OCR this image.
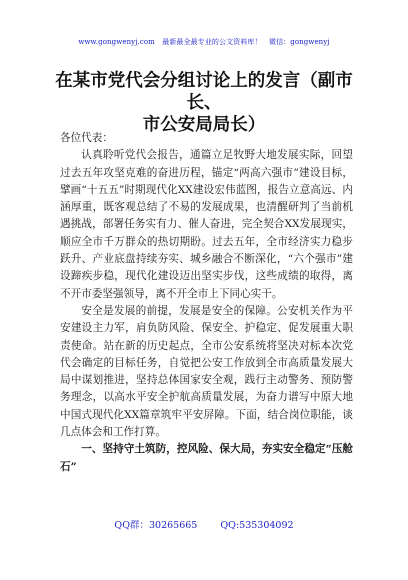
www.gongwenyj.com 最新最全最专业的公文资料库！ 微信：gongwenyj
在某市党代会分组讨论上的发言（副市长、
市公安局局长）

各位代表：

认真聆听党代会报告，通篇立足牧野大地发展实际，回望过去五年攻坚克难的奋进历程，锚定“两高六强市”建设目标，擘画“十五五”时期现代化XX建设宏伟蓝图，报告立意高远、内涵厚重，既客观总结了不易的发展成果，也清醒研判了当前机遇挑战，部署任务实有力、催人奋进，完全契合XX发展现实，顺应全市千万群众的热切期盼。过去五年，全市经济实力稳步跃升、产业底盘持续夯实、城乡融合不断深化，“六个强市”建设蹄疾步稳，现代化建设迈出坚实步伐，这些成绩的取得，离不开市委坚强领导，离不开全市上下同心实干。

安全是发展的前提，发展是安全的保障。公安机关作为平安建设主力军，肩负防风险、保安全、护稳定、促发展重大职责使命。站在新的历史起点，全市公安系统将坚决对标本次党代会确定的目标任务，自觉把公安工作放到全市高质量发展大局中谋划推进，坚持总体国家安全观，践行主动警务、预防警务理念，以高水平安全护航高质量发展，为奋力谱写中原大地中国式现代化XX篇章筑牢平安屏障。下面，结合岗位职能，谈几点体会和工作打算。

一、坚持守土筑防，控风险、保大局，夯实安全稳定“压舱石”

QQ群：30265665 QQ:535304092
